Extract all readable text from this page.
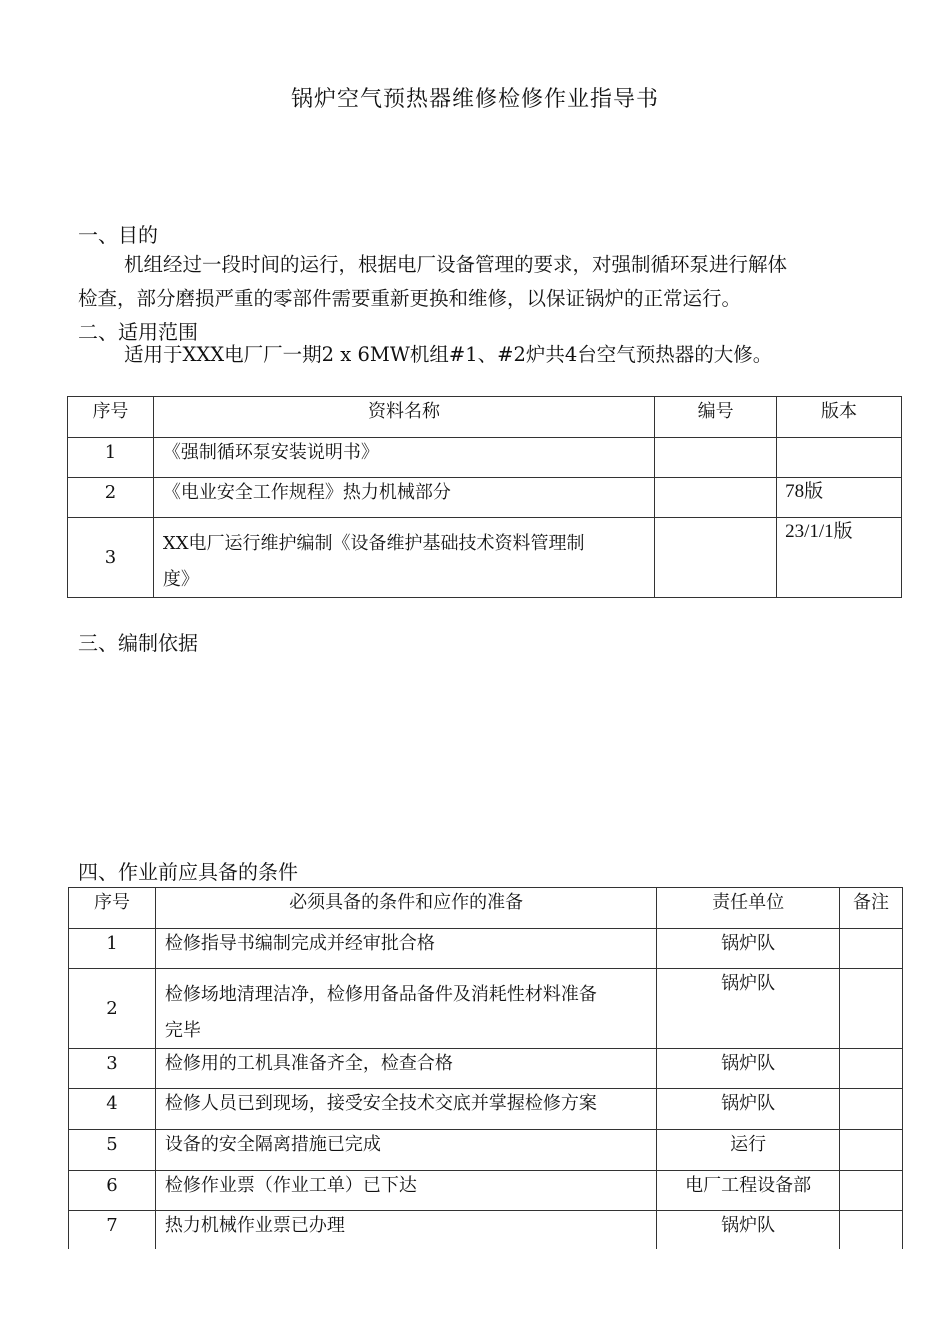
锅炉空气预热器维修检修作业指导书
一、目的
机组经过一段时间的运行，根据电厂设备管理的要求，对强制循环泵进行解体
检查，部分磨损严重的零部件需要重新更换和维修，以保证锅炉的正常运行。
二、适用范围
适用于XXX电厂厂一期2 x 6MW机组#1、#2炉共4台空气预热器的大修。
序号	资料名称	编号	版本
1	《强制循环泵安装说明书》		
2	《电业安全工作规程》热力机械部分		78版
3	XX电厂运行维护编制《设备维护基础技术资料管理制
度》		23/1/1版
三、编制依据
四、作业前应具备的条件
序号	必须具备的条件和应作的准备	责任单位	备注
1	检修指导书编制完成并经审批合格	锅炉队	
2	检修场地清理洁净，检修用备品备件及消耗性材料准备
完毕	锅炉队	
3	检修用的工机具准备齐全，检查合格	锅炉队	
4	检修人员已到现场，接受安全技术交底并掌握检修方案	锅炉队	
5	设备的安全隔离措施已完成	运行	
6	检修作业票（作业工单）已下达	电厂工程设备部	
7	热力机械作业票已办理	锅炉队	
